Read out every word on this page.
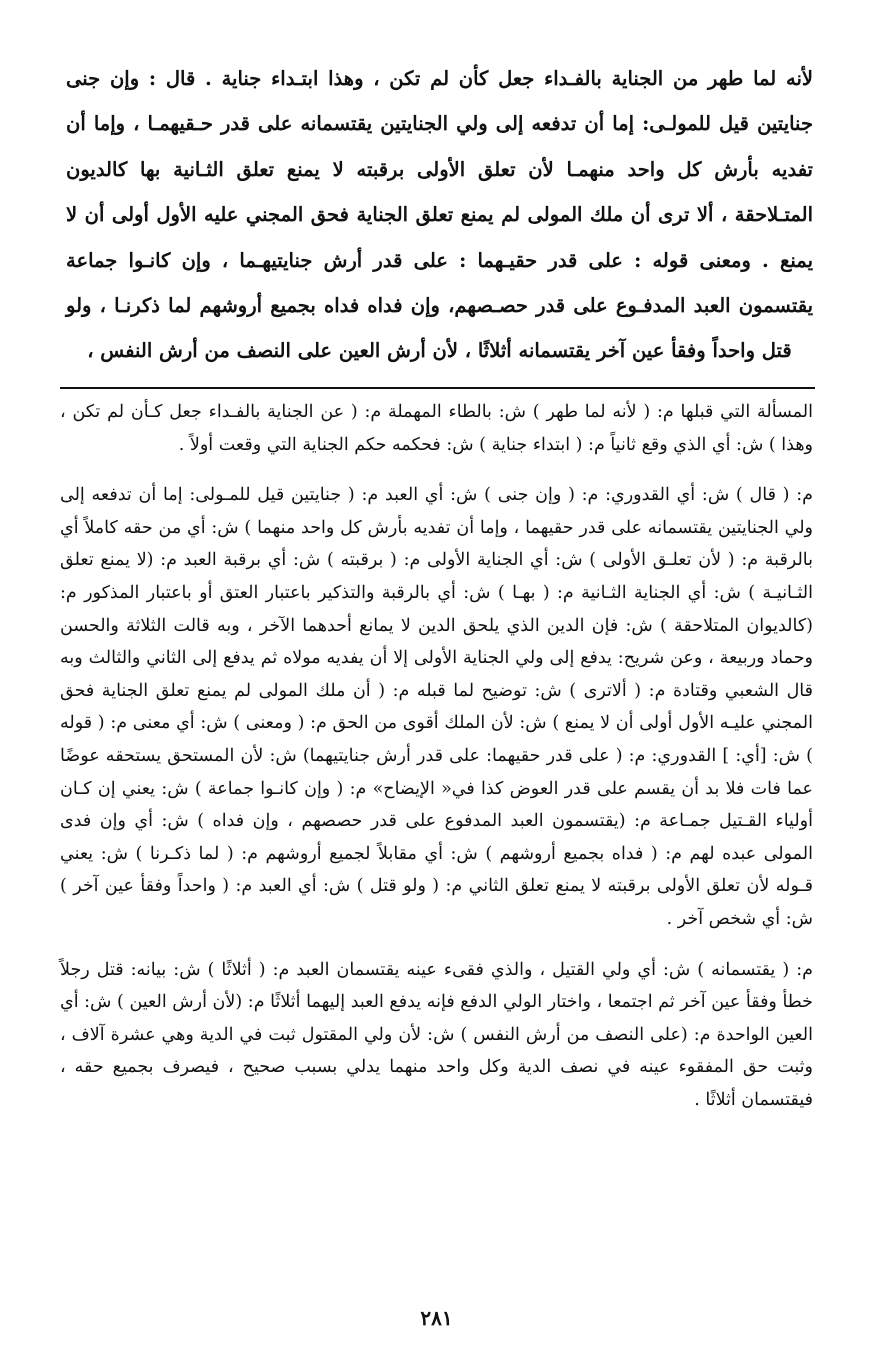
لأنه لما طهر من الجناية بالفـداء جعل كأن لم تكن ، وهذا ابتـداء جناية . قال : وإن جنى جنايتين قيل للمولـى: إما أن تدفعه إلى ولي الجنايتين يقتسمانه على قدر حـقيهمـا ، وإما أن تفديه بأرش كل واحد منهمـا لأن تعلق الأولى برقبته لا يمنع تعلق الثـانية بها كالديون المتـلاحقة ، ألا ترى أن ملك المولى لم يمنع تعلق الجناية فحق المجني عليه الأول أولى أن لا يمنع . ومعنى قوله : على قدر حقيـهما : على قدر أرش جنايتيهـما ، وإن كانـوا جماعة يقتسمون العبد المدفـوع على قدر حصـصهم، وإن فداه فداه بجميع أروشهم لما ذكرنـا ، ولو قتل واحداً وفقأ عين آخر يقتسمانه أثلاثًا ، لأن أرش العين على النصف من أرش النفس ،

المسألة التي قبلها م: ( لأنه لما طهر ) ش: بالطاء المهملة م: ( عن الجناية بالفـداء جعل كـأن لم تكن ، وهذا ) ش: أي الذي وقع ثانياً م: ( ابتداء جناية ) ش: فحكمه حكم الجناية التي وقعت أولاً .

م: ( قال ) ش: أي القدوري: م: ( وإن جنى ) ش: أي العبد م: ( جنايتين قيل للمـولى: إما أن تدفعه إلى ولي الجنايتين يقتسمانه على قدر حقيهما ، وإما أن تفديه بأرش كل واحد منهما ) ش: أي من حقه كاملاً أي بالرقبة م: ( لأن تعلـق الأولى ) ش: أي الجناية الأولى م: ( برقبته ) ش: أي برقبة العبد م: (لا يمنع تعلق الثـانيـة ) ش: أي الجناية الثـانية م: ( بهـا ) ش: أي بالرقبة والتذكير باعتبار العتق أو باعتبار المذكور م: (كالديوان المتلاحقة ) ش: فإن الدين الذي يلحق الدين لا يمانع أحدهما الآخر ، وبه قالت الثلاثة والحسن وحماد وربيعة ، وعن شريح: يدفع إلى ولي الجناية الأولى إلا أن يفديه مولاه ثم يدفع إلى الثاني والثالث وبه قال الشعبي وقتادة م: ( ألاترى ) ش: توضيح لما قبله م: ( أن ملك المولى لم يمنع تعلق الجناية فحق المجني عليـه الأول أولى أن لا يمنع ) ش: لأن الملك أقوى من الحق م: ( ومعنى ) ش: أي معنى م: ( قوله ) ش: [أي: ] القدوري: م: ( على قدر حقيهما: على قدر أرش جنايتيهما) ش: لأن المستحق يستحقه عوضًا عما فات فلا بد أن يقسم على قدر العوض كذا في« الإيضاح» م: ( وإن كانـوا جماعة ) ش: يعني إن كـان أولياء القـتيل جمـاعة م: (يقتسمون العبد المدفوع على قدر حصصهم ، وإن فداه ) ش: أي وإن فدى المولى عبده لهم م: ( فداه بجميع أروشهم ) ش: أي مقابلاً لجميع أروشهم م: ( لما ذكـرنا ) ش: يعني قـوله لأن تعلق الأولى برقبته لا يمنع تعلق الثاني م: ( ولو قتل ) ش: أي العبد م: ( واحداً وفقأ عين آخر ) ش: أي شخص آخر .

م: ( يقتسمانه ) ش: أي ولي القتيل ، والذي فقىء عينه يقتسمان العبد م: ( أثلاثًا ) ش: بيانه: قتل رجلاً خطأ وفقأ عين آخر ثم اجتمعا ، واختار الولي الدفع فإنه يدفع العبد إليهما أثلاثًا م: (لأن أرش العين ) ش: أي العين الواحدة م: (على النصف من أرش النفس ) ش: لأن ولي المقتول ثبت في الدية وهي عشرة آلاف ، وثبت حق المفقوء عينه في نصف الدية وكل واحد منهما يدلي بسبب صحيح ، فيصرف بجميع حقه ، فيقتسمان أثلاثًا .

٢٨١
